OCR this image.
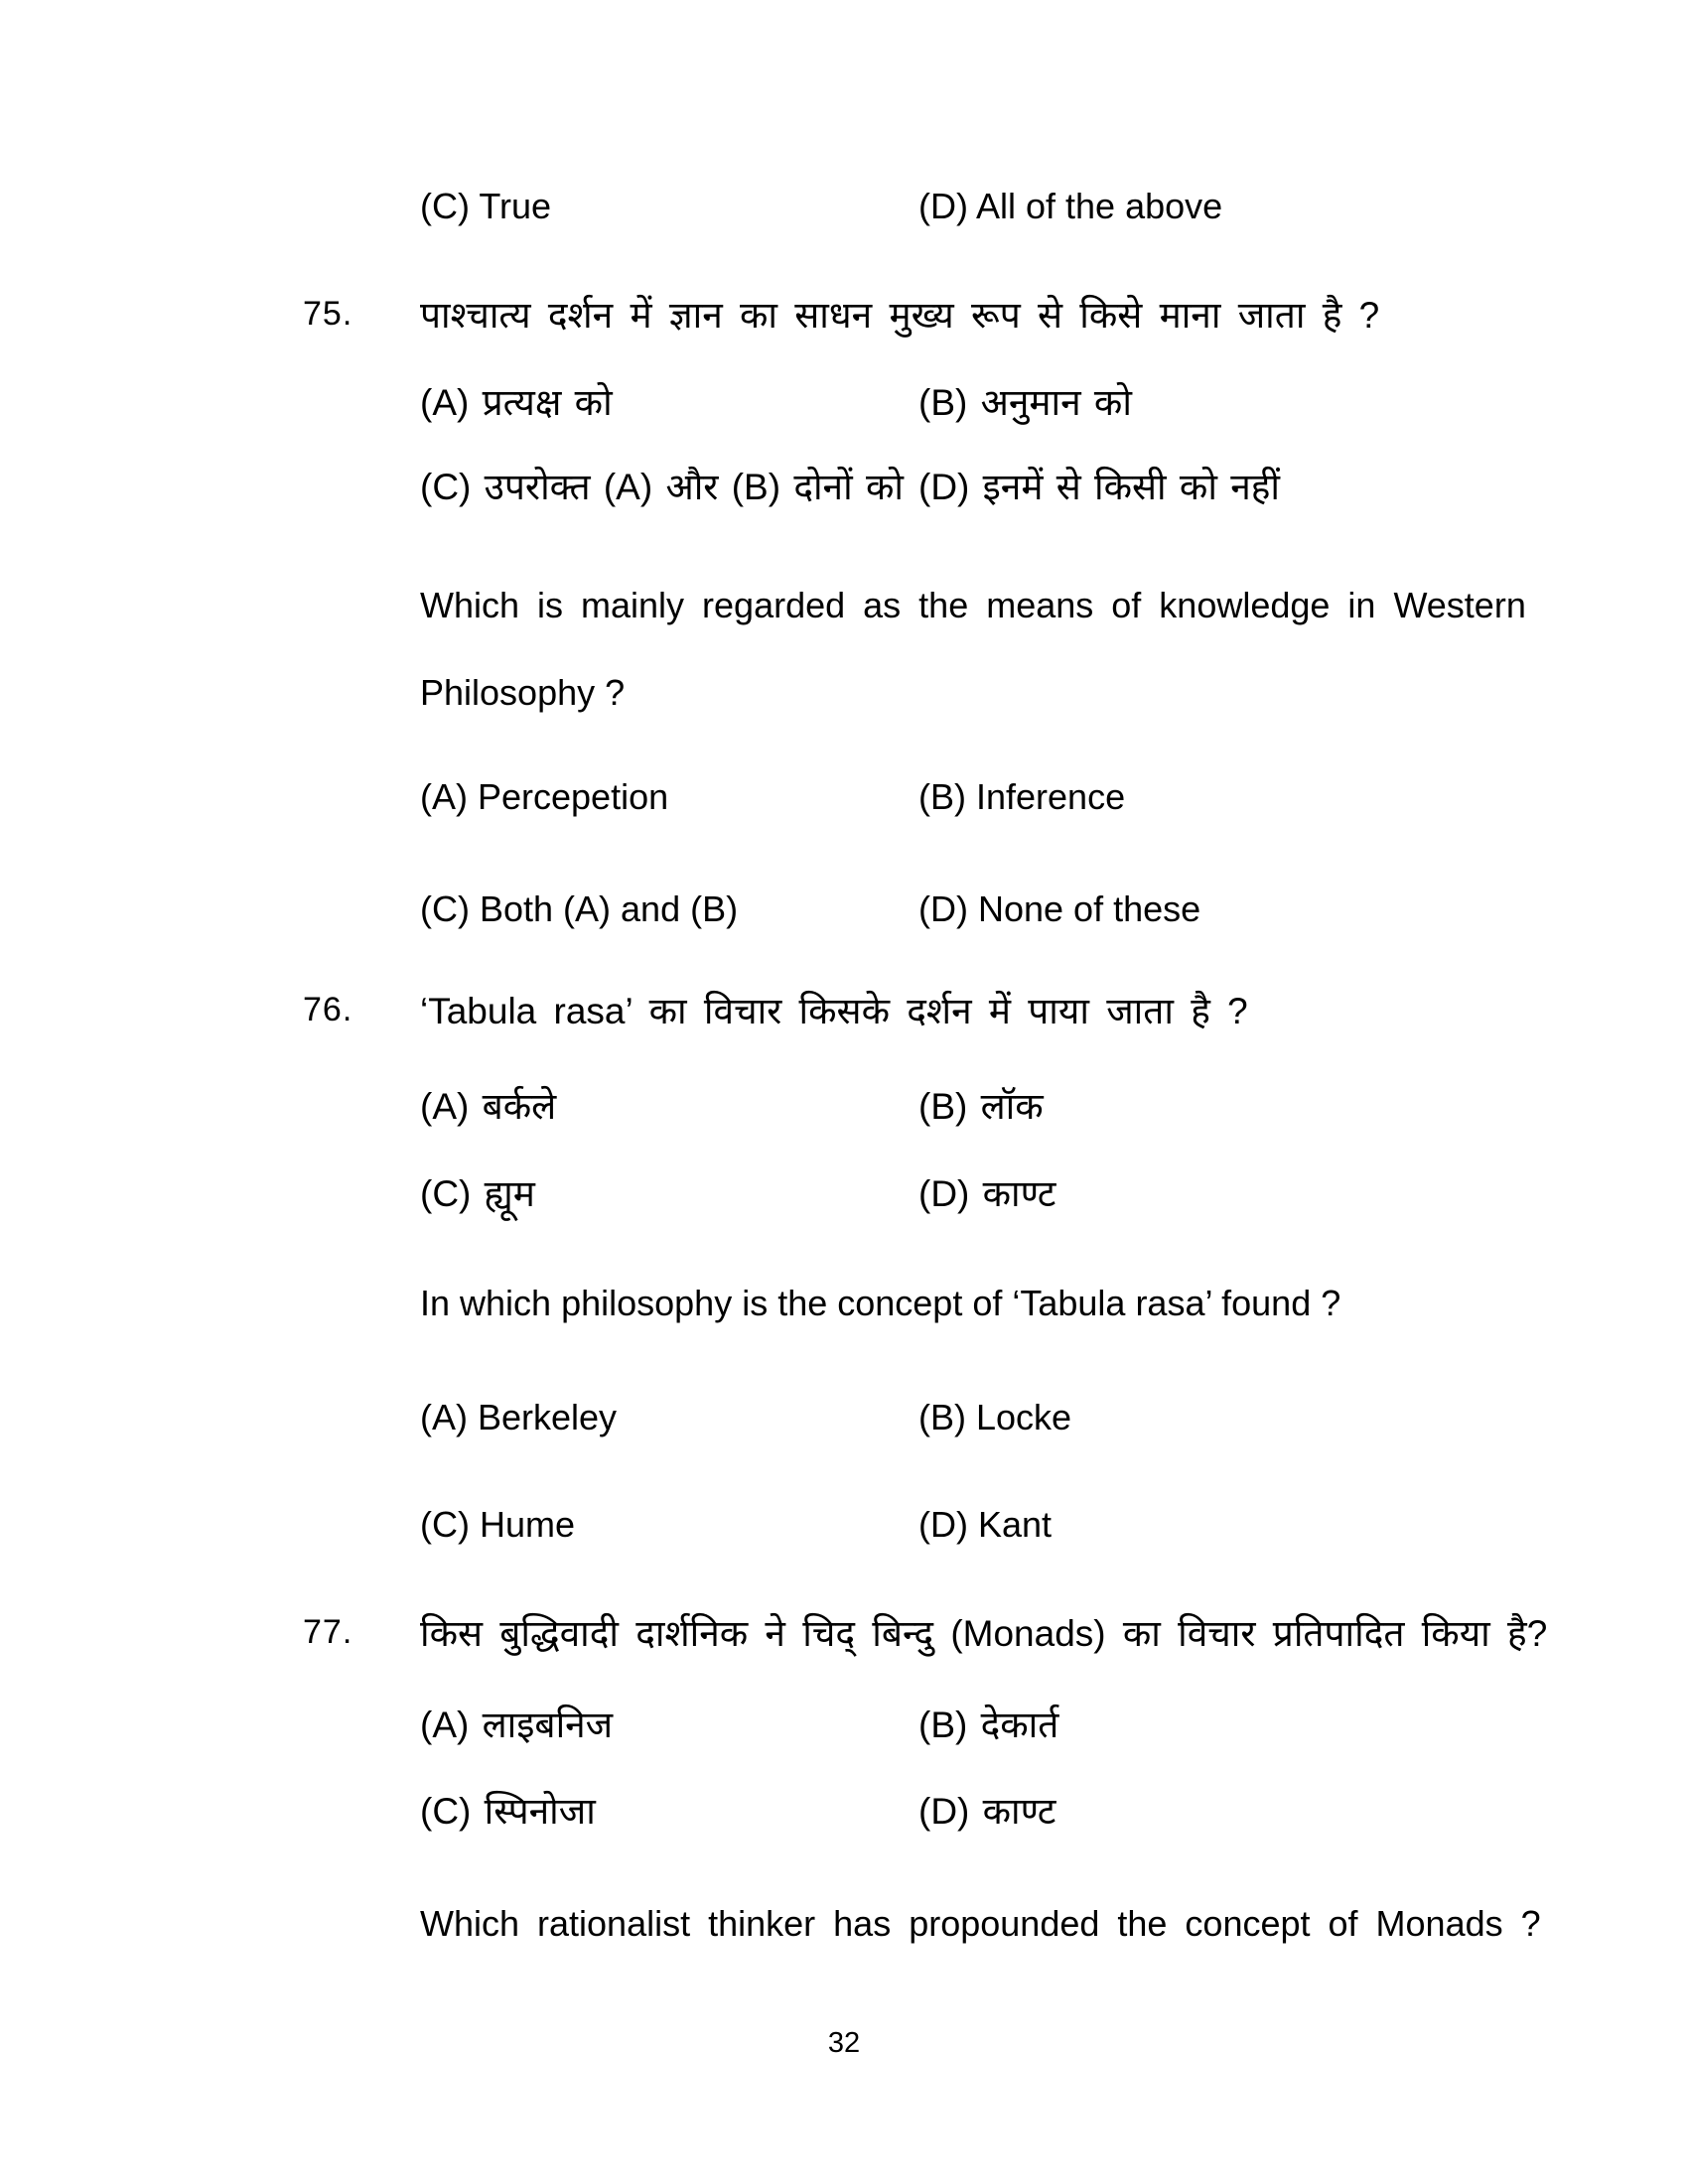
(C) True	(D) All of the above
75. पाश्चात्य दर्शन में ज्ञान का साधन मुख्य रूप से किसे माना जाता है ?
(A) प्रत्यक्ष को	(B) अनुमान को
(C) उपरोक्त (A) और (B) दोनों को (D) इनमें से किसी को नहीं
Which is mainly regarded as the means of knowledge in Western
Philosophy ?
(A) Percepetion	(B) Inference
(C) Both (A) and (B)	(D) None of these
76. ‘Tabula rasa’ का विचार किसके दर्शन में पाया जाता है ?
(A) बर्कले	(B) लॉक
(C) ह्यूम	(D) काण्ट
In which philosophy is the concept of ‘Tabula rasa’ found ?
(A) Berkeley	(B) Locke
(C) Hume	(D) Kant
77. किस बुद्धिवादी दार्शनिक ने चिद् बिन्दु (Monads) का विचार प्रतिपादित किया है?
(A) लाइबनिज	(B) देकार्त
(C) स्पिनोजा	(D) काण्ट
Which rationalist thinker has propounded the concept of Monads ?
32
